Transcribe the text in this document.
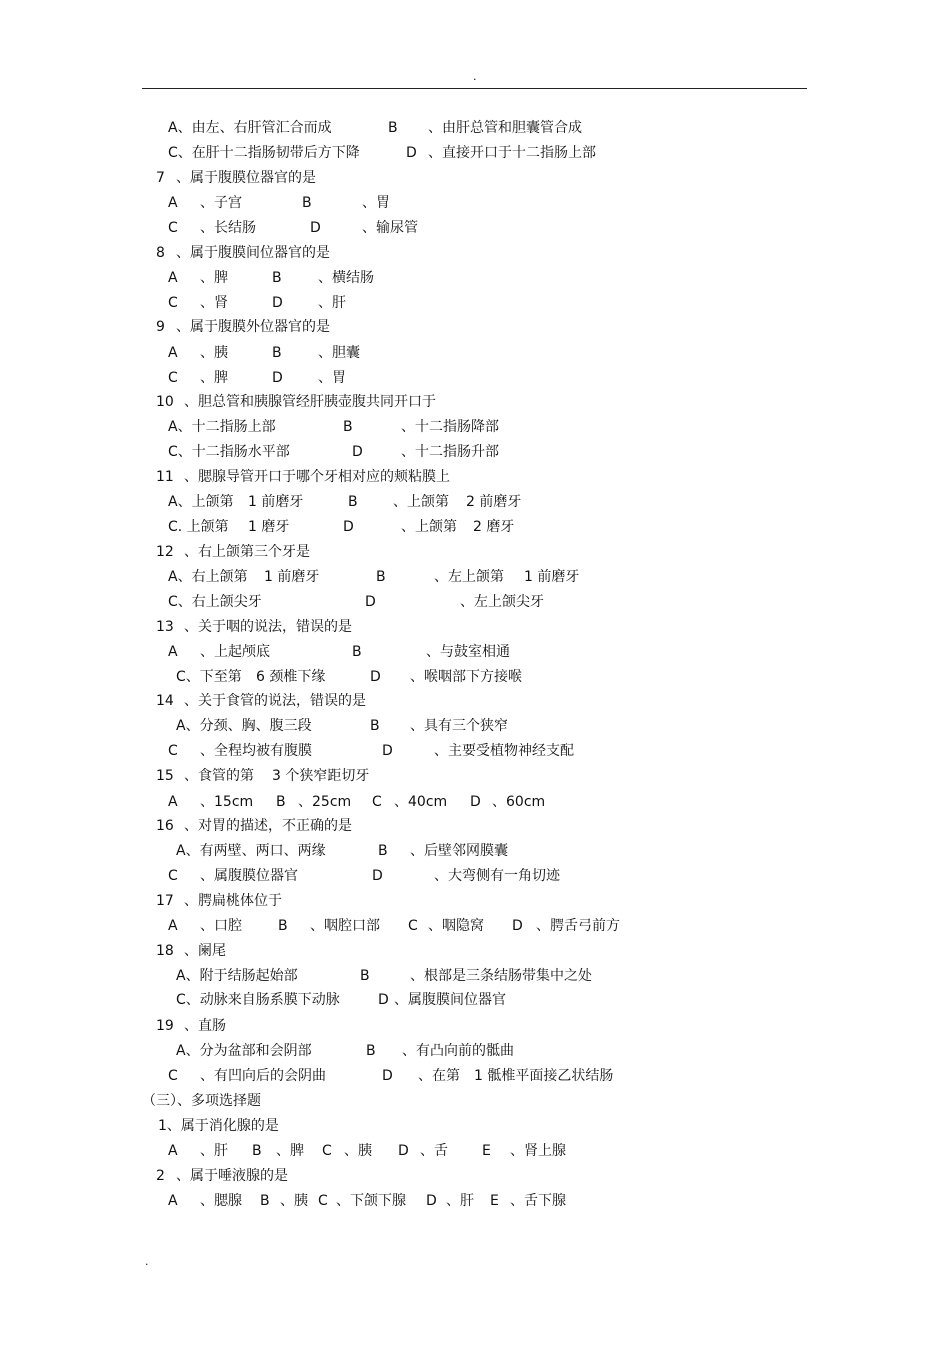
.
A、由左、右肝管汇合而成	B 、由肝总管和胆囊管合成
C、在肝十二指肠韧带后方下降	D 、直接开口于十二指肠上部
7 、属于腹膜位器官的是
A 、子宫	B	、胃
C 、长结肠	D	、输尿管
8 、属于腹膜间位器官的是
A 、脾	B	、横结肠
C 、肾	D	、肝
9 、属于腹膜外位器官的是
A 、胰	B	、胆囊
C 、脾	D	、胃
10 、胆总管和胰腺管经肝胰壶腹共同开口于
A、十二指肠上部	B	、十二指肠降部
C、十二指肠水平部	D	、十二指肠升部
11 、腮腺导管开口于哪个牙相对应的颊粘膜上
A、上颌第 1 前磨牙	B	、上颌第 2 前磨牙
C. 上颌第 1 磨牙	D	、上颌第 2 磨牙
12 、右上颌第三个牙是
A、右上颌第 1 前磨牙	B	、左上颌第 1 前磨牙
C、右上颌尖牙	D	、左上颌尖牙
13 、关于咽的说法，错误的是
A 、上起颅底	B	、与鼓室相通
C、下至第 6 颈椎下缘	D 、喉咽部下方接喉
14 、关于食管的说法，错误的是
A、分颈、胸、腹三段	B 、具有三个狭窄
C 、全程均被有腹膜	D	、主要受植物神经支配
15 、食管的第 3 个狭窄距切牙
A 、15cm B 、25cm C 、40cm D 、60cm
16 、对胃的描述，不正确的是
A、有两壁、两口、两缘	B 、后壁邻网膜囊
C 、属腹膜位器官	D	、大弯侧有一角切迹
17 、腭扁桃体位于
A 、口腔	B 、咽腔口部 C 、咽隐窝 D 、腭舌弓前方
18 、阑尾
A、附于结肠起始部	B	、根部是三条结肠带集中之处
C、动脉来自肠系膜下动脉	D 、属腹膜间位器官
19 、直肠
A、分为盆部和会阴部	B 、有凸向前的骶曲
C 、有凹向后的会阴曲	D 、在第 1 骶椎平面接乙状结肠
（三）、多项选择题
1、属于消化腺的是
A 、肝 B 、脾 C 、胰 D 、舌 E 、肾上腺
2 、属于唾液腺的是
A 、腮腺 B 、胰 C 、下颌下腺 D 、肝 E 、舌下腺
.
